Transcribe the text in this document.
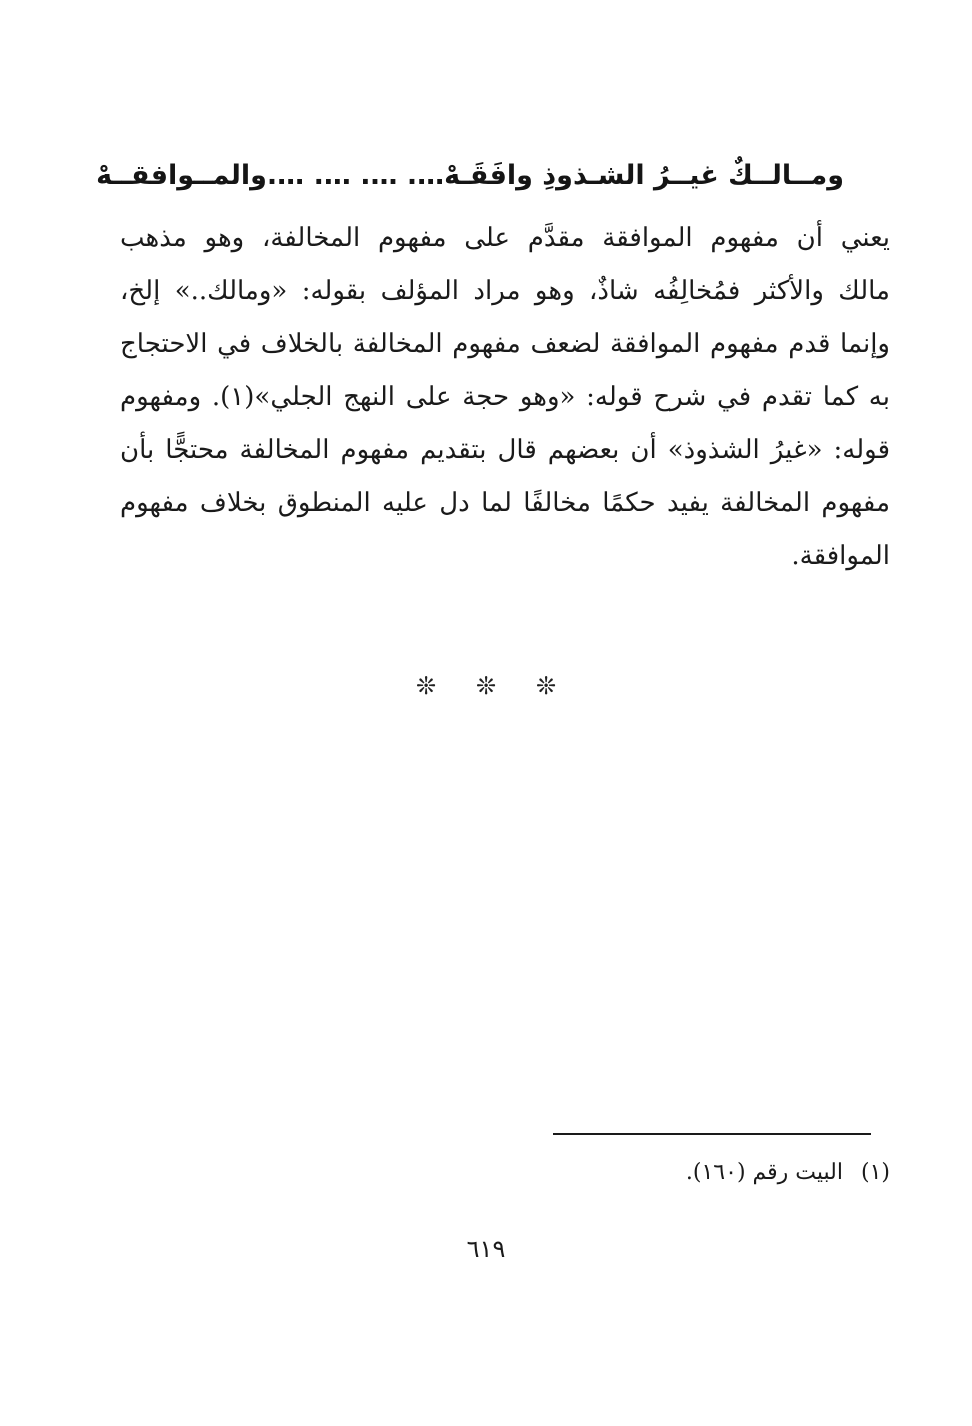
ومــالــكٌ غيــرُ الشـذوذِ وافَقَـهْ
…. …. …. ….والمــوافقــهْ
يعني أن مفهوم الموافقة مقدَّم على مفهوم المخالفة، وهو مذهب
مالك والأكثر فمُخالِفُه شاذٌ، وهو مراد المؤلف بقوله: «ومالك..» إلخ،
وإنما قدم مفهوم الموافقة لضعف مفهوم المخالفة بالخلاف في الاحتجاج
به كما تقدم في شرح قوله: «وهو حجة على النهج الجلي»(١). ومفهوم
قوله: «غيرُ الشذوذ» أن بعضهم قال بتقديم مفهوم المخالفة محتجًّا بأن
مفهوم المخالفة يفيد حكمًا مخالفًا لما دل عليه المنطوق بخلاف مفهوم
الموافقة.
❊ ❊ ❊
(١)البيت رقم (١٦٠).
٦١٩
